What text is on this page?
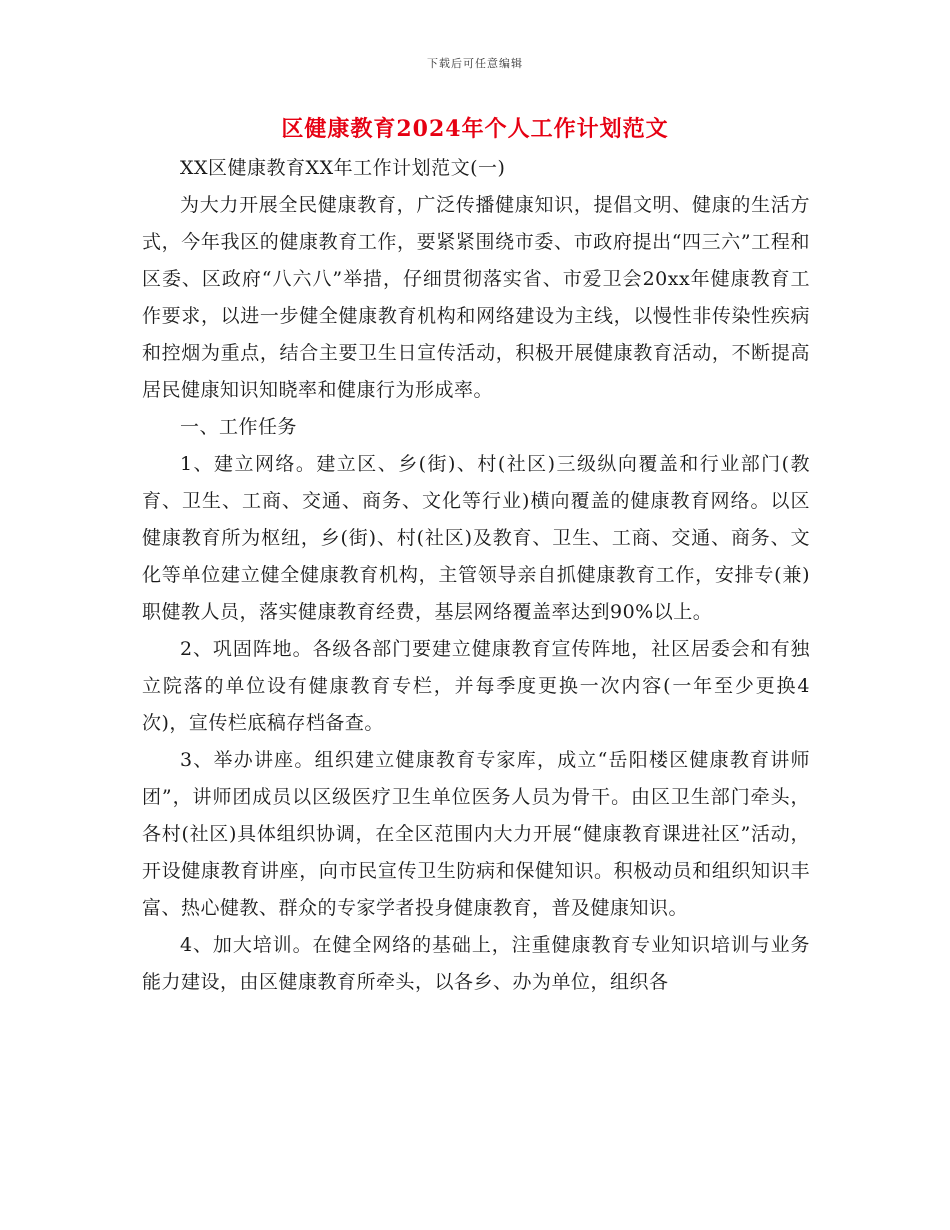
下载后可任意编辑
区健康教育2024年个人工作计划范文

XX区健康教育XX年工作计划范文(一)

为大力开展全民健康教育，广泛传播健康知识，提倡文明、健康的生活方式，今年我区的健康教育工作，要紧紧围绕市委、市政府提出“四三六”工程和区委、区政府“八六八”举措，仔细贯彻落实省、市爱卫会20xx年健康教育工作要求，以进一步健全健康教育机构和网络建设为主线，以慢性非传染性疾病和控烟为重点，结合主要卫生日宣传活动，积极开展健康教育活动，不断提高居民健康知识知晓率和健康行为形成率。

一、工作任务

1、建立网络。建立区、乡(街)、村(社区)三级纵向覆盖和行业部门(教育、卫生、工商、交通、商务、文化等行业)横向覆盖的健康教育网络。以区健康教育所为枢纽，乡(街)、村(社区)及教育、卫生、工商、交通、商务、文化等单位建立健全健康教育机构，主管领导亲自抓健康教育工作，安排专(兼)职健教人员，落实健康教育经费，基层网络覆盖率达到90%以上。

2、巩固阵地。各级各部门要建立健康教育宣传阵地，社区居委会和有独立院落的单位设有健康教育专栏，并每季度更换一次内容(一年至少更换4次)，宣传栏底稿存档备查。

3、举办讲座。组织建立健康教育专家库，成立“岳阳楼区健康教育讲师团”，讲师团成员以区级医疗卫生单位医务人员为骨干。由区卫生部门牵头，各村(社区)具体组织协调，在全区范围内大力开展“健康教育课进社区”活动，开设健康教育讲座，向市民宣传卫生防病和保健知识。积极动员和组织知识丰富、热心健教、群众的专家学者投身健康教育，普及健康知识。

4、加大培训。在健全网络的基础上，注重健康教育专业知识培训与业务能力建设，由区健康教育所牵头，以各乡、办为单位，组织各
